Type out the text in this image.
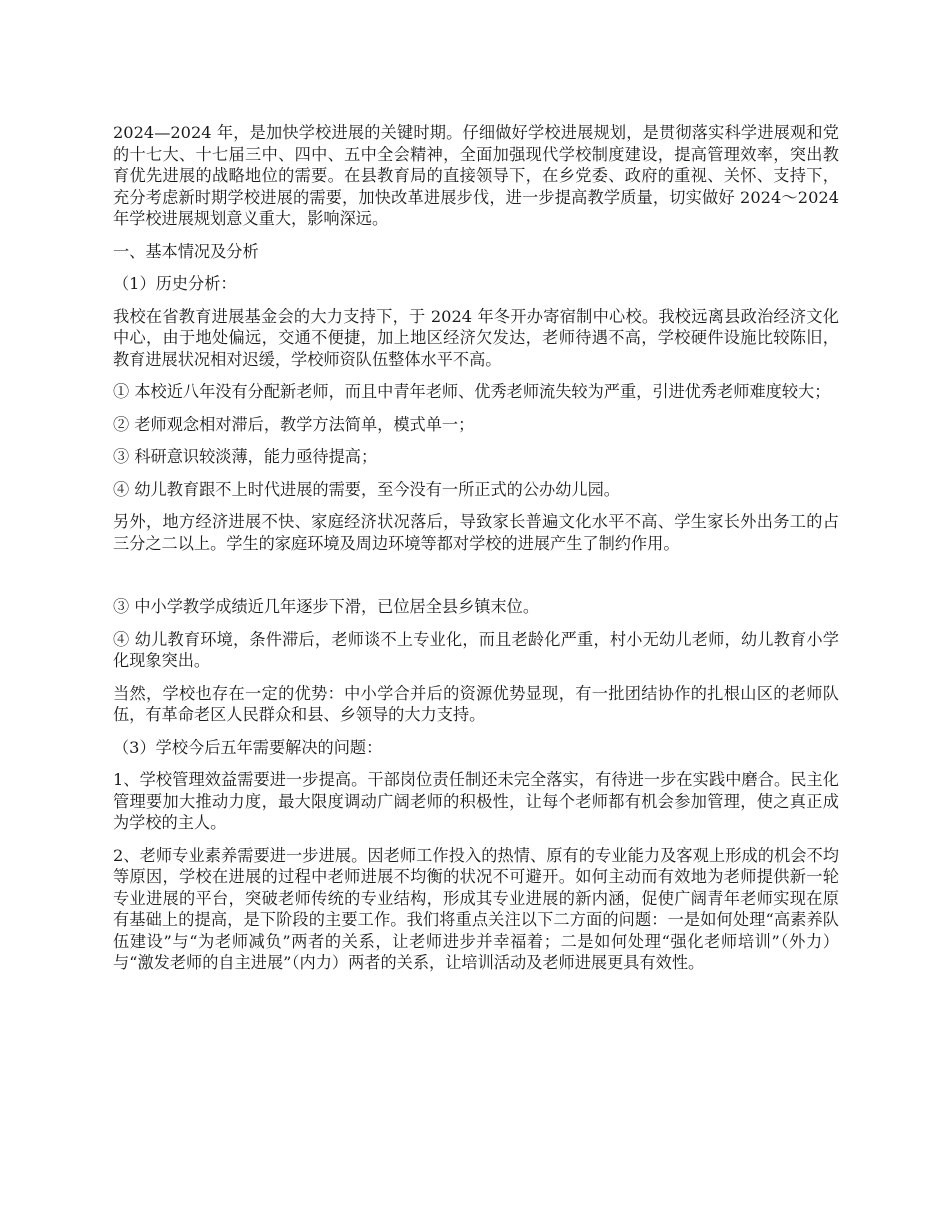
2024—2024 年，是加快学校进展的关键时期。仔细做好学校进展规划，是贯彻落实科学进展观和党的十七大、十七届三中、四中、五中全会精神，全面加强现代学校制度建设，提高管理效率，突出教育优先进展的战略地位的需要。在县教育局的直接领导下，在乡党委、政府的重视、关怀、支持下，充分考虑新时期学校进展的需要，加快改革进展步伐，进一步提高教学质量，切实做好 2024～2024 年学校进展规划意义重大，影响深远。

一、基本情况及分析

（1）历史分析：

我校在省教育进展基金会的大力支持下，于 2024 年冬开办寄宿制中心校。我校远离县政治经济文化中心，由于地处偏远，交通不便捷，加上地区经济欠发达，老师待遇不高，学校硬件设施比较陈旧，教育进展状况相对迟缓，学校师资队伍整体水平不高。

① 本校近八年没有分配新老师，而且中青年老师、优秀老师流失较为严重，引进优秀老师难度较大；

② 老师观念相对滞后，教学方法简单，模式单一；

③ 科研意识较淡薄，能力亟待提高；

④ 幼儿教育跟不上时代进展的需要，至今没有一所正式的公办幼儿园。

另外，地方经济进展不快、家庭经济状况落后，导致家长普遍文化水平不高、学生家长外出务工的占三分之二以上。学生的家庭环境及周边环境等都对学校的进展产生了制约作用。

③ 中小学教学成绩近几年逐步下滑，已位居全县乡镇末位。

④ 幼儿教育环境，条件滞后，老师谈不上专业化，而且老龄化严重，村小无幼儿老师，幼儿教育小学化现象突出。

当然，学校也存在一定的优势：中小学合并后的资源优势显现，有一批团结协作的扎根山区的老师队伍，有革命老区人民群众和县、乡领导的大力支持。

（3）学校今后五年需要解决的问题：

1、学校管理效益需要进一步提高。干部岗位责任制还未完全落实，有待进一步在实践中磨合。民主化管理要加大推动力度，最大限度调动广阔老师的积极性，让每个老师都有机会参加管理，使之真正成为学校的主人。

2、老师专业素养需要进一步进展。因老师工作投入的热情、原有的专业能力及客观上形成的机会不均等原因，学校在进展的过程中老师进展不均衡的状况不可避开。如何主动而有效地为老师提供新一轮专业进展的平台，突破老师传统的专业结构，形成其专业进展的新内涵，促使广阔青年老师实现在原有基础上的提高，是下阶段的主要工作。我们将重点关注以下二方面的问题：一是如何处理“高素养队伍建设”与“为老师减负”两者的关系，让老师进步并幸福着；二是如何处理“强化老师培训”（外力）与“激发老师的自主进展”（内力）两者的关系，让培训活动及老师进展更具有效性。
